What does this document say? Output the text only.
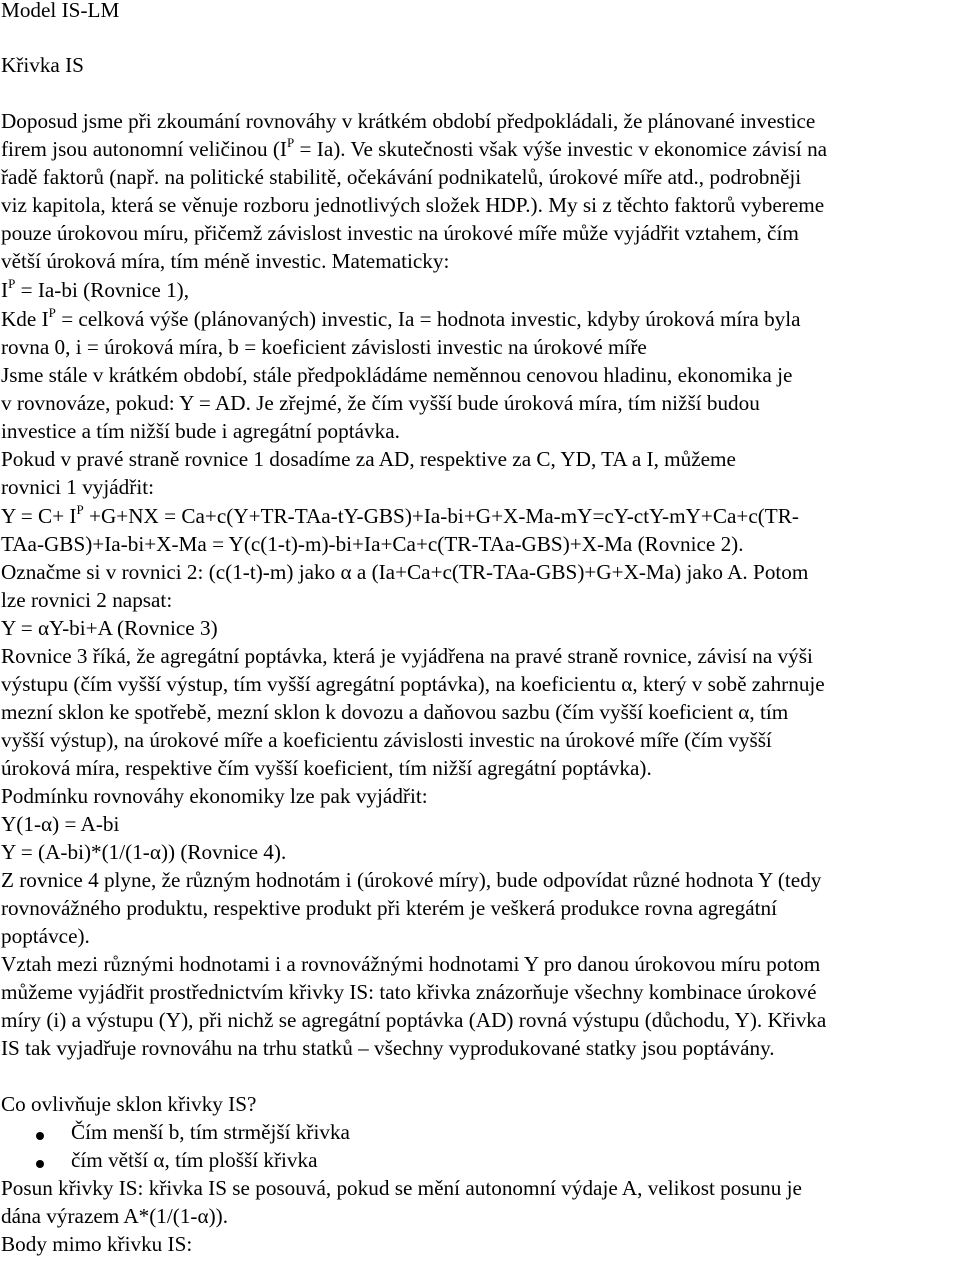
Model IS-LM

Křivka IS

Doposud jsme při zkoumání rovnováhy v krátkém období předpokládali, že plánované investice

firem jsou autonomní veličinou $(I^P = Ia)$. Ve skutečnosti však výše investic v ekonomice závisí na

řadě faktorů (např. na politické stabilitě, očekávání podnikatelů, úrokové míře atd., podrobněji

viz kapitola, která se věnuje rozboru jednotlivých složek HDP.). My si z těchto faktorů vybereme

pouze úrokovou míru, přičemž závislost investic na úrokové míře může vyjádřit vztahem, čím

větší úroková míra, tím méně investic. Matematicky:

$I^P = Ia-bi$ (Rovnice 1),

Kde $I^P$ = celková výše (plánovaných) investic, Ia = hodnota investic, kdyby úroková míra byla

rovna 0, i = úroková míra, b = koeficient závislosti investic na úrokové míře

Jsme stále v krátkém období, stále předpokládáme neměnnou cenovou hladinu, ekonomika je

v rovnováze, pokud: Y = AD. Je zřejmé, že čím vyšší bude úroková míra, tím nižší budou

investice a tím nižší bude i agregátní poptávka.

Pokud v pravé straně rovnice 1 dosadíme za AD, respektive za C, YD, TA a I, můžeme

rovnici 1 vyjádřit:

$Y = C+ I^P +G+NX = Ca+c(Y+TR-TAa-tY-GBS)+Ia-bi+G+X-Ma-mY=cY-ctY-mY+Ca+c(TR-$

TAa-GBS)+Ia-bi+X-Ma = Y(c(1-t)-m)-bi+Ia+Ca+c(TR-TAa-GBS)+X-Ma (Rovnice 2).

Označme si v rovnici 2: (c(1-t)-m) jako α a (Ia+Ca+c(TR-TAa-GBS)+G+X-Ma) jako A. Potom

lze rovnici 2 napsat:

Y = αY-bi+A (Rovnice 3)

Rovnice 3 říká, že agregátní poptávka, která je vyjádřena na pravé straně rovnice, závisí na výši

výstupu (čím vyšší výstup, tím vyšší agregátní poptávka), na koeficientu α, který v sobě zahrnuje

mezní sklon ke spotřebě, mezní sklon k dovozu a daňovou sazbu (čím vyšší koeficient α, tím

vyšší výstup), na úrokové míře a koeficientu závislosti investic na úrokové míře (čím vyšší

úroková míra, respektive čím vyšší koeficient, tím nižší agregátní poptávka).

Podmínku rovnováhy ekonomiky lze pak vyjádřit:

Y(1-α) = A-bi

Y = (A-bi)*(1/(1-α)) (Rovnice 4).

Z rovnice 4 plyne, že různým hodnotám i (úrokové míry), bude odpovídat různé hodnota Y (tedy

rovnovážného produktu, respektive produkt při kterém je veškerá produkce rovna agregátní

poptávce).

Vztah mezi různými hodnotami i a rovnovážnými hodnotami Y pro danou úrokovou míru potom

můžeme vyjádřit prostřednictvím křivky IS: tato křivka znázorňuje všechny kombinace úrokové

míry (i) a výstupu (Y), při nichž se agregátní poptávka (AD) rovná výstupu (důchodu, Y). Křivka

IS tak vyjadřuje rovnováhu na trhu statků – všechny vyprodukované statky jsou poptávány.

Co ovlivňuje sklon křivky IS?

Čím menší b, tím strmější křivka

čím větší α, tím plošší křivka

Posun křivky IS: křivka IS se posouvá, pokud se mění autonomní výdaje A, velikost posunu je

dána výrazem A*(1/(1-α)).

Body mimo křivku IS:
